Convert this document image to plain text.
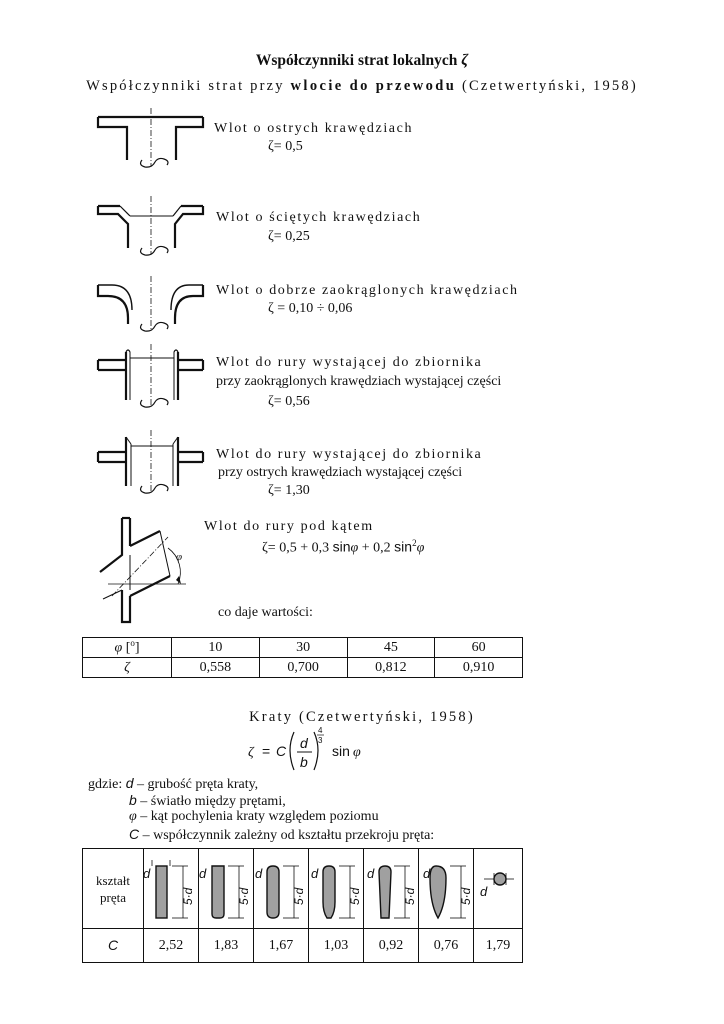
Współczynniki strat lokalnych ζ
Współczynniki strat przy wlocie do przewodu (Czetwertyński, 1958)
φ
Wlot o ostrych krawędziach
ζ= 0,5
Wlot o ściętych krawędziach
ζ= 0,25
Wlot o dobrze zaokrąglonych krawędziach
ζ = 0,10 ÷ 0,06
Wlot do rury wystającej do zbiornika
przy zaokrąglonych krawędziach wystającej części
ζ= 0,56
Wlot do rury wystającej do zbiornika
przy ostrych krawędziach wystającej części
ζ= 1,30
Wlot do rury pod kątem
ζ= 0,5 + 0,3 sinφ + 0,2 $\sin^2\varphi$
co daje wartości:
φ [$^o$]	10	30	45	60
ζ	0,558	0,700	0,812	0,910
Kraty (Czetwertyński, 1958)
ζ = C d
b
4
3
sin φ
gdzie: d – grubość pręta kraty,
b – światło między prętami,
φ – kąt pochylenia kraty względem poziomu
C – współczynnik zależny od kształtu przekroju pręta:
kształt
pręta							

C	2,52	1,83	1,67	1,03	0,92	0,76	1,79
d	d	d	d	d	d
d
5·d	5·d	5·d	5·d	5·d	5·d
